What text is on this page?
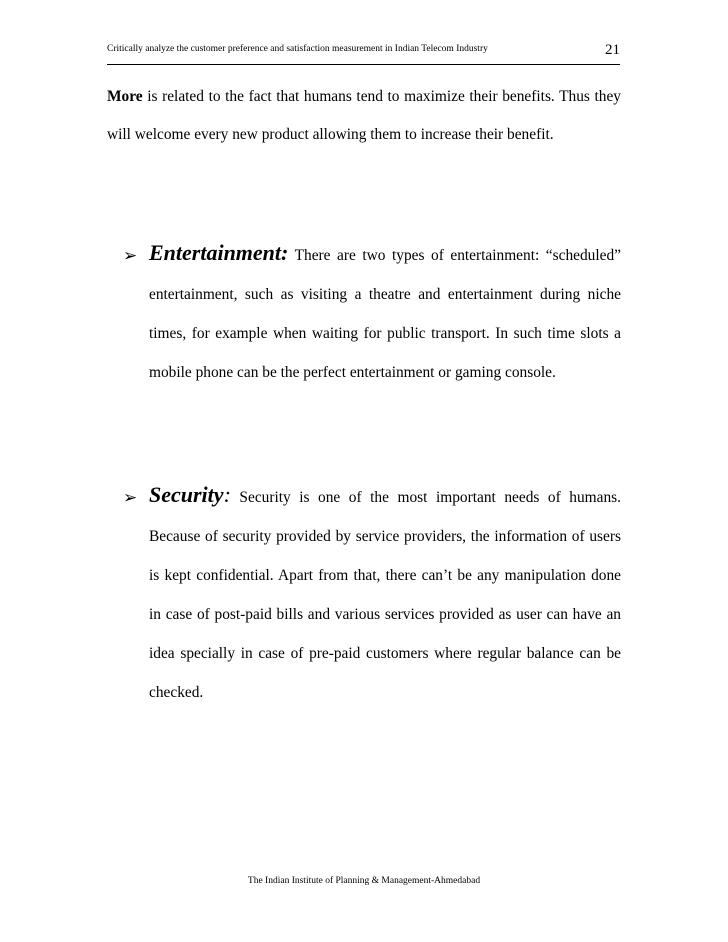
Critically analyze the customer preference and satisfaction measurement in Indian Telecom Industry	21

More is related to the fact that humans tend to maximize their benefits. Thus they will welcome every new product allowing them to increase their benefit.

➢ Entertainment: There are two types of entertainment: “scheduled” entertainment, such as visiting a theatre and entertainment during niche times, for example when waiting for public transport. In such time slots a mobile phone can be the perfect entertainment or gaming console.

➢ Security: Security is one of the most important needs of humans. Because of security provided by service providers, the information of users is kept confidential. Apart from that, there can’t be any manipulation done in case of post-paid bills and various services provided as user can have an idea specially in case of pre-paid customers where regular balance can be checked.

The Indian Institute of Planning & Management-Ahmedabad
